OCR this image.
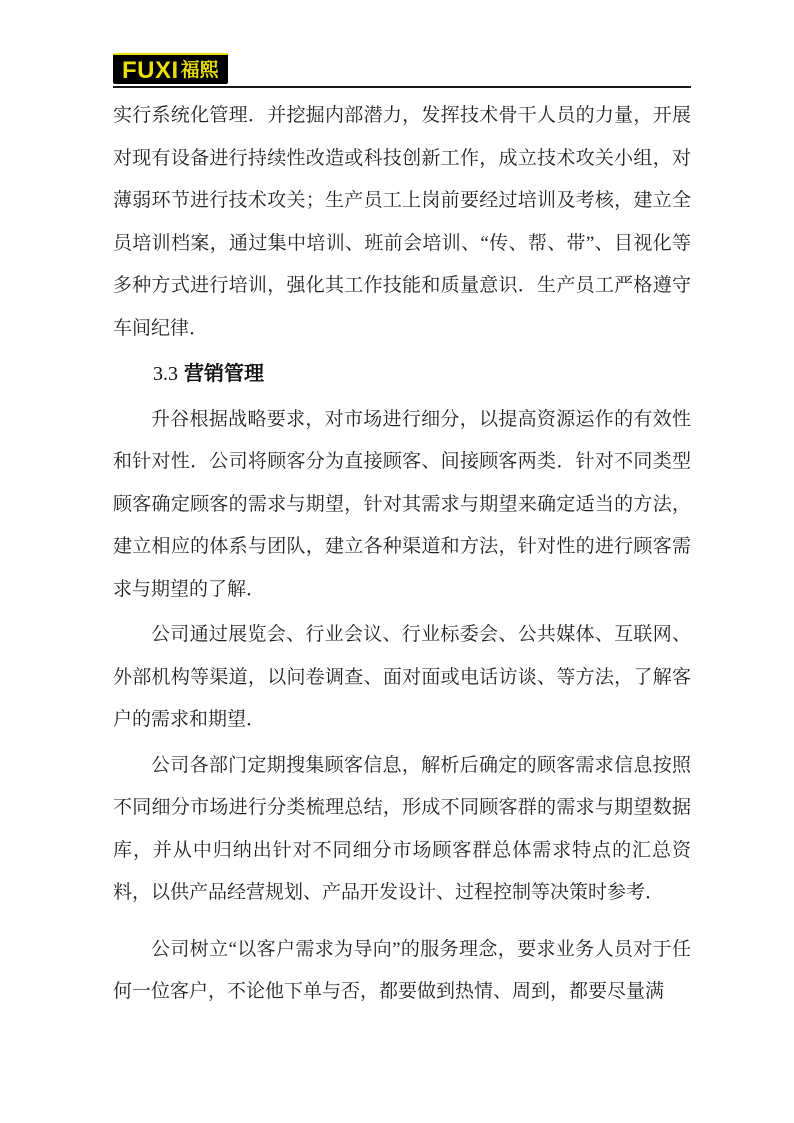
FUXI 福熙

实行系统化管理．并挖掘内部潜力，发挥技术骨干人员的力量，开展对现有设备进行持续性改造或科技创新工作，成立技术攻关小组，对薄弱环节进行技术攻关；生产员工上岗前要经过培训及考核，建立全员培训档案，通过集中培训、班前会培训、“传、帮、带”、目视化等多种方式进行培训，强化其工作技能和质量意识．生产员工严格遵守车间纪律．

3.3 营销管理

升谷根据战略要求，对市场进行细分，以提高资源运作的有效性和针对性．公司将顾客分为直接顾客、间接顾客两类．针对不同类型顾客确定顾客的需求与期望，针对其需求与期望来确定适当的方法，建立相应的体系与团队，建立各种渠道和方法，针对性的进行顾客需求与期望的了解．

公司通过展览会、行业会议、行业标委会、公共媒体、互联网、外部机构等渠道，以问卷调查、面对面或电话访谈、等方法，了解客户的需求和期望．

公司各部门定期搜集顾客信息，解析后确定的顾客需求信息按照不同细分市场进行分类梳理总结，形成不同顾客群的需求与期望数据库，并从中归纳出针对不同细分市场顾客群总体需求特点的汇总资料，以供产品经营规划、产品开发设计、过程控制等决策时参考．

公司树立“以客户需求为导向”的服务理念，要求业务人员对于任何一位客户，不论他下单与否，都要做到热情、周到，都要尽量满
